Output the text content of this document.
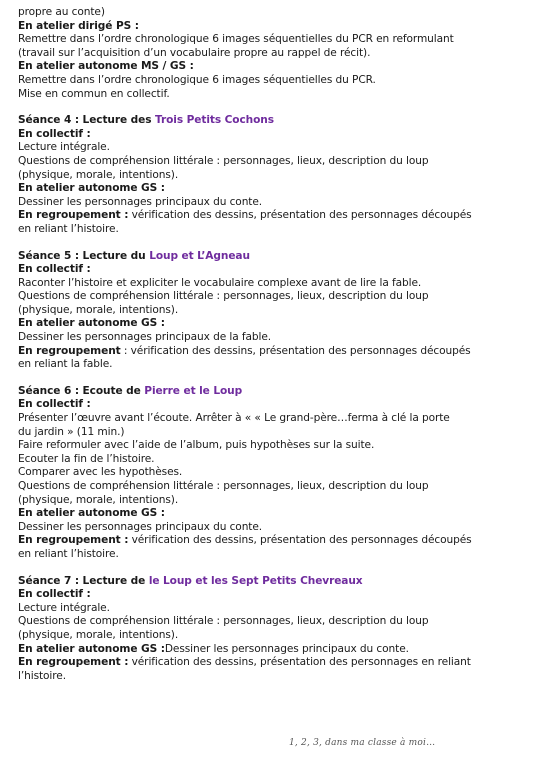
propre au conte)
En atelier dirigé PS :
Remettre dans l’ordre chronologique 6 images séquentielles du PCR en reformulant
(travail sur l’acquisition d’un vocabulaire propre au rappel de récit).
En atelier autonome MS / GS :
Remettre dans l’ordre chronologique 6 images séquentielles du PCR.
Mise en commun en collectif.
Séance 4 : Lecture des Trois Petits Cochons
En collectif :
Lecture intégrale.
Questions de compréhension littérale : personnages, lieux, description du loup
(physique, morale, intentions).
En atelier autonome GS :
Dessiner les personnages principaux du conte.
En regroupement : vérification des dessins, présentation des personnages découpés
en reliant l’histoire.
Séance 5 : Lecture du Loup et L’Agneau
En collectif :
Raconter l’histoire et expliciter le vocabulaire complexe avant de lire la fable.
Questions de compréhension littérale : personnages, lieux, description du loup
(physique, morale, intentions).
En atelier autonome GS :
Dessiner les personnages principaux de la fable.
En regroupement : vérification des dessins, présentation des personnages découpés
en reliant la fable.
Séance 6 : Ecoute de Pierre et le Loup
En collectif :
Présenter l’œuvre avant l’écoute. Arrêter à « « Le grand-père…ferma à clé la porte
du jardin » (11 min.)
Faire reformuler avec l’aide de l’album, puis hypothèses sur la suite.
Ecouter la fin de l’histoire.
Comparer avec les hypothèses.
Questions de compréhension littérale : personnages, lieux, description du loup
(physique, morale, intentions).
En atelier autonome GS :
Dessiner les personnages principaux du conte.
En regroupement : vérification des dessins, présentation des personnages découpés
en reliant l’histoire.
Séance 7 : Lecture de le Loup et les Sept Petits Chevreaux
En collectif :
Lecture intégrale.
Questions de compréhension littérale : personnages, lieux, description du loup
(physique, morale, intentions).
En atelier autonome GS :Dessiner les personnages principaux du conte.
En regroupement : vérification des dessins, présentation des personnages en reliant
l’histoire.
1, 2, 3, dans ma classe à moi…
